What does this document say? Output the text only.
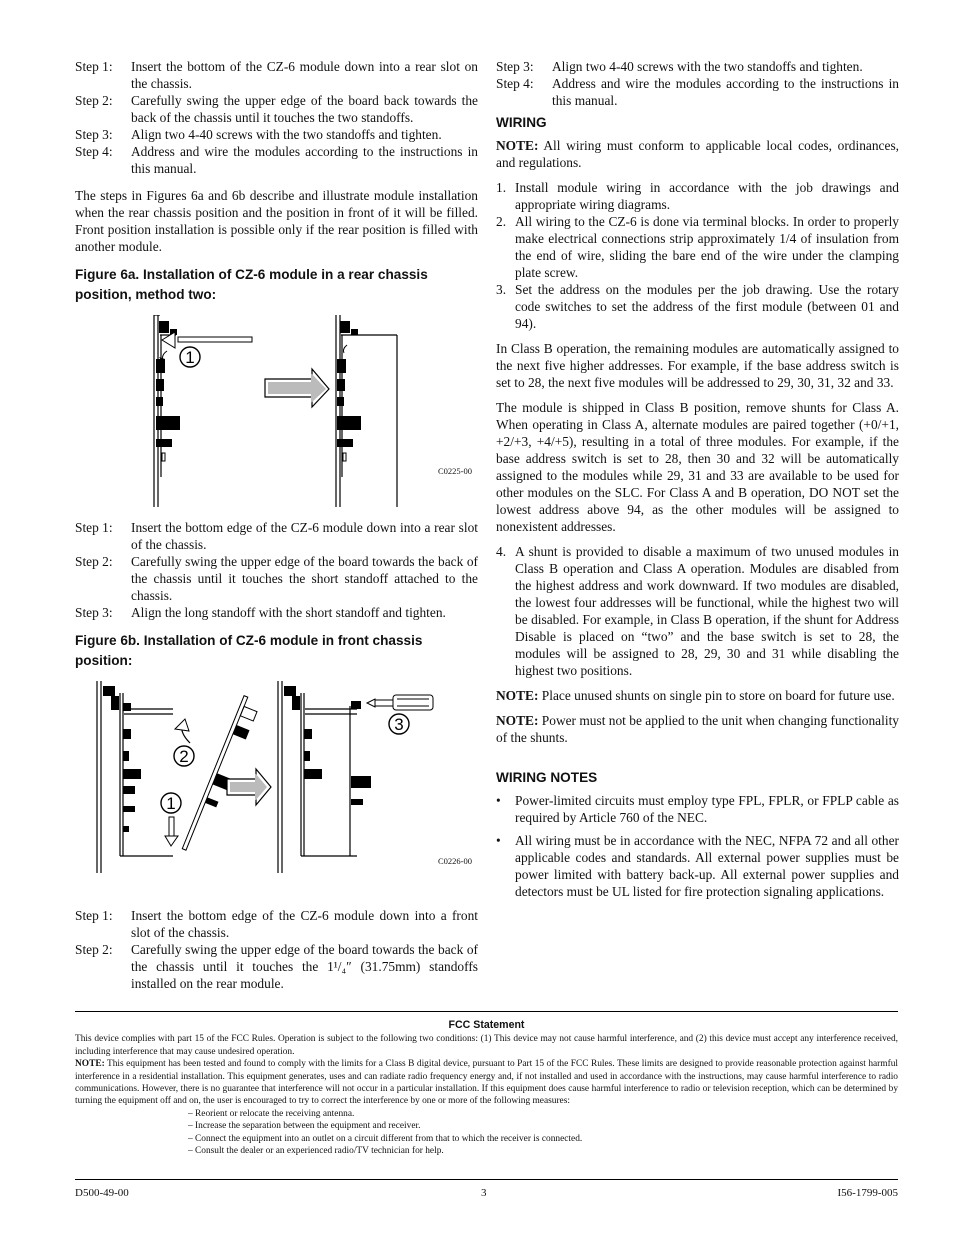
Step 1:	Insert the bottom of the CZ-6 module down into a rear slot on the chassis.
Step 2:	Carefully swing the upper edge of the board back towards the back of the chassis until it touches the two standoffs.
Step 3:	Align two 4-40 screws with the two standoffs and tighten.
Step 4:	Address and wire the modules according to the instructions in this manual.

The steps in Figures 6a and 6b describe and illustrate module installation when the rear chassis position and the position in front of it will be filled. Front position installation is possible only if the rear position is filled with another module.

Figure 6a. Installation of CZ-6 module in a rear chassis position, method two:
1
C0225-00
Step 1:	Insert the bottom edge of the CZ-6 module down into a rear slot of the chassis.
Step 2:	Carefully swing the upper edge of the board towards the back of the chassis until it touches the short standoff attached to the chassis.
Step 3:	Align the long standoff with the short standoff and tighten.
Figure 6b. Installation of CZ-6 module in front chassis position:
2
1
3
C0226-00
Step 1:	Insert the bottom edge of the CZ-6 module down into a front slot of the chassis.
Step 2:	Carefully swing the upper edge of the board towards the back of the chassis until it touches the 1¹/₄″ (31.75mm) standoffs installed on the rear module.
Step 3:	Align two 4-40 screws with the two standoffs and tighten.
Step 4:	Address and wire the modules according to the instructions in this manual.
WIRING

NOTE: All wiring must conform to applicable local codes, ordinances, and regulations.

1. Install module wiring in accordance with the job drawings and appropriate wiring diagrams.
2. All wiring to the CZ-6 is done via terminal blocks. In order to properly make electrical connections strip approximately 1/4 of insulation from the end of wire, sliding the bare end of the wire under the clamping plate screw.
3. Set the address on the modules per the job drawing. Use the rotary code switches to set the address of the first module (between 01 and 94).

In Class B operation, the remaining modules are automatically assigned to the next five higher addresses. For example, if the base address switch is set to 28, the next five modules will be addressed to 29, 30, 31, 32 and 33.

The module is shipped in Class B position, remove shunts for Class A. When operating in Class A, alternate modules are paired together (+0/+1, +2/+3, +4/+5), resulting in a total of three modules. For example, if the base address switch is set to 28, then 30 and 32 will be automatically assigned to the modules while 29, 31 and 33 are available to be used for other modules on the SLC. For Class A and B operation, DO NOT set the lowest address above 94, as the other modules will be assigned to nonexistent addresses.

4. A shunt is provided to disable a maximum of two unused modules in Class B operation and Class A operation. Modules are disabled from the highest address and work downward. If two modules are disabled, the lowest four addresses will be functional, while the highest two will be disabled. For example, in Class B operation, if the shunt for Address Disable is placed on “two” and the base switch is set to 28, the modules will be assigned to 28, 29, 30 and 31 while disabling the highest two positions.

NOTE: Place unused shunts on single pin to store on board for future use.

NOTE: Power must not be applied to the unit when changing functionality of the shunts.

WIRING NOTES
•	Power-limited circuits must employ type FPL, FPLR, or FPLP cable as required by Article 760 of the NEC.
•	All wiring must be in accordance with the NEC, NFPA 72 and all other applicable codes and standards. All external power supplies must be power limited with battery back-up. All external power supplies and detectors must be UL listed for fire protection signaling applications.
FCC Statement

This device complies with part 15 of the FCC Rules. Operation is subject to the following two conditions: (1) This device may not cause harmful interference, and (2) this device must accept any interference received, including interference that may cause undesired operation.

NOTE: This equipment has been tested and found to comply with the limits for a Class B digital device, pursuant to Part 15 of the FCC Rules. These limits are designed to provide reasonable protection against harmful interference in a residential installation. This equipment generates, uses and can radiate radio frequency energy and, if not installed and used in accordance with the instructions, may cause harmful interference to radio communications. However, there is no guarantee that interference will not occur in a particular installation. If this equipment does cause harmful interference to radio or television reception, which can be determined by turning the equipment off and on, the user is encouraged to try to correct the interference by one or more of the following measures:

– Reorient or relocate the receiving antenna.
– Increase the separation between the equipment and receiver.
– Connect the equipment into an outlet on a circuit different from that to which the receiver is connected.
– Consult the dealer or an experienced radio/TV technician for help.
D500-49-00	3	I56-1799-005
